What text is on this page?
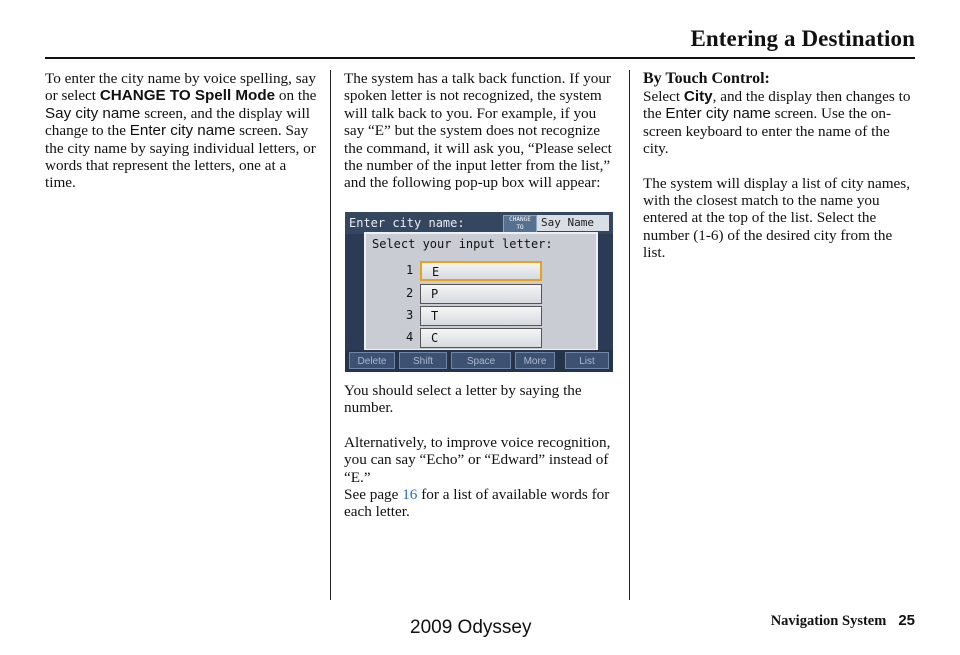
Entering a Destination

To enter the city name by voice spelling, say or select CHANGE TO Spell Mode on the Say city name screen, and the display will change to the Enter city name screen. Say the city name by saying individual letters, or words that represent the letters, one at a time.

The system has a talk back function. If your spoken letter is not recognized, the system will talk back to you. For example, if you say “E” but the system does not recognize the command, it will ask you, “Please select the number of the input letter from the list,” and the following pop-up box will appear:

Enter city name:	CHANGE TO	Say Name
Select your input letter:
1	E
2	P
3	T
4	C
Delete	Shift	Space	More	List

You should select a letter by saying the number.

Alternatively, to improve voice recognition, you can say “Echo” or “Edward” instead of “E.”

See page 16 for a list of available words for each letter.

By Touch Control:

Select City, and the display then changes to the Enter city name screen. Use the on-screen keyboard to enter the name of the city.

The system will display a list of city names, with the closest match to the name you entered at the top of the list. Select the number (1-6) of the desired city from the list.

Navigation System 25
2009 Odyssey
